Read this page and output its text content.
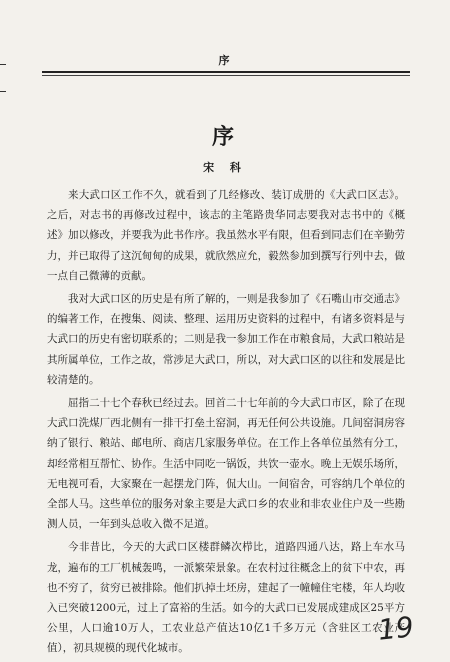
序
序
宋 科

来大武口区工作不久，就看到了几经修改、装订成册的《大武口区志》。之后，对志书的再修改过程中，该志的主笔路贵华同志要我对志书中的《概述》加以修改，并要我为此书作序。我虽然水平有限，但看到同志们在辛勤劳力，并已取得了这沉甸甸的成果，就欣然应允，毅然参加到撰写行列中去，做一点自己微薄的贡献。

我对大武口区的历史是有所了解的，一则是我参加了《石嘴山市交通志》的编著工作，在搜集、阅读、整理、运用历史资料的过程中，有诸多资料是与大武口的历史有密切联系的；二则是我一参加工作在市粮食局，大武口粮站是其所属单位，工作之故，常涉足大武口，所以，对大武口区的以往和发展是比较清楚的。

屈指二十七个春秋已经过去。回首二十七年前的今大武口市区，除了在现大武口洗煤厂西北侧有一排干打垒土窑洞，再无任何公共设施。几间窑洞房容纳了银行、粮站、邮电所、商店几家服务单位。在工作上各单位虽然有分工，却经常相互帮忙、协作。生活中同吃一锅饭，共饮一壶水。晚上无娱乐场所，无电视可看，大家聚在一起摆龙门阵，侃大山。一间宿舍，可容纳几个单位的全部人马。这些单位的服务对象主要是大武口乡的农业和非农业住户及一些勘测人员，一年到头总收入微不足道。

今非昔比，今天的大武口区楼群鳞次栉比，道路四通八达，路上车水马龙，遍布的工厂机械轰鸣，一派繁荣景象。在农村过往概念上的贫下中农，再也不穷了，贫穷已被排除。他们扒掉土坯房，建起了一幢幢住宅楼，年人均收入已突破1200元，过上了富裕的生活。如今的大武口已发展成建成区25平方公里，人口逾10万人，工农业总产值达10亿1千多万元（含驻区工农业产值），初具规模的现代化城市。

19
